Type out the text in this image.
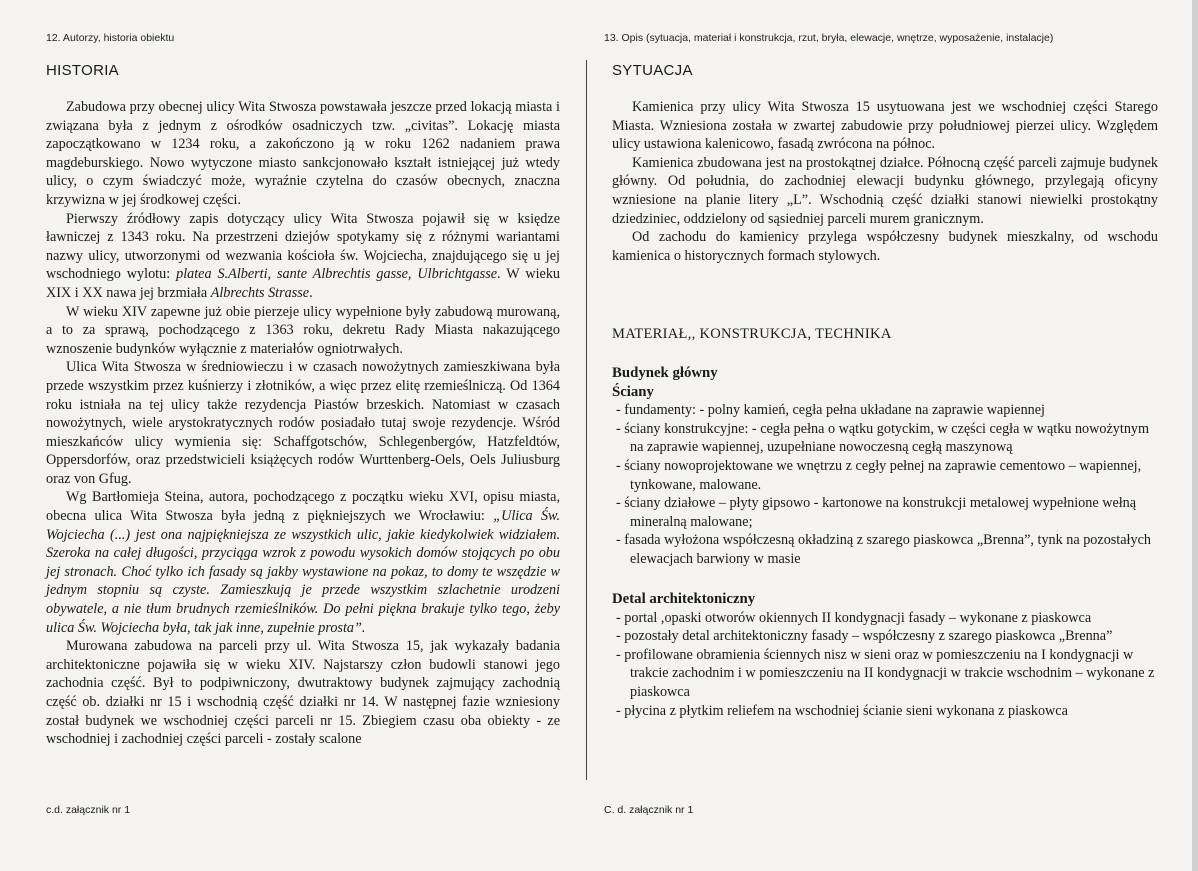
12. Autorzy, historia obiektu
HISTORIA

Zabudowa przy obecnej ulicy Wita Stwosza powstawała jeszcze przed lokacją miasta i związana była z jednym z ośrodków osadniczych tzw. „civitas”. Lokację miasta zapoczątkowano w 1234 roku, a zakończono ją w roku 1262 nadaniem prawa magdeburskiego. Nowo wytyczone miasto sankcjonowało kształt istniejącej już wtedy ulicy, o czym świadczyć może, wyraźnie czytelna do czasów obecnych, znaczna krzywizna w jej środkowej części.

Pierwszy źródłowy zapis dotyczący ulicy Wita Stwosza pojawił się w księdze ławniczej z 1343 roku. Na przestrzeni dziejów spotykamy się z różnymi wariantami nazwy ulicy, utworzonymi od wezwania kościoła św. Wojciecha, znajdującego się u jej wschodniego wylotu: platea S.Alberti, sante Albrechtis gasse, Ulbrichtgasse. W wieku XIX i XX nawa jej brzmiała Albrechts Strasse.

W wieku XIV zapewne już obie pierzeje ulicy wypełnione były zabudową murowaną, a to za sprawą, pochodzącego z 1363 roku, dekretu Rady Miasta nakazującego wznoszenie budynków wyłącznie z materiałów ogniotrwałych.

Ulica Wita Stwosza w średniowieczu i w czasach nowożytnych zamieszkiwana była przede wszystkim przez kuśnierzy i złotników, a więc przez elitę rzemieślniczą. Od 1364 roku istniała na tej ulicy także rezydencja Piastów brzeskich. Natomiast w czasach nowożytnych, wiele arystokratycznych rodów posiadało tutaj swoje rezydencje. Wśród mieszkańców ulicy wymienia się: Schaffgotschów, Schlegenbergów, Hatzfeldtów, Oppersdorfów, oraz przedstwicieli książęcych rodów Wurttenberg-Oels, Oels Juliusburg oraz von Gfug.

Wg Bartłomieja Steina, autora, pochodzącego z początku wieku XVI, opisu miasta, obecna ulica Wita Stwosza była jedną z piękniejszych we Wrocławiu: „Ulica Św. Wojciecha (...) jest ona najpiękniejsza ze wszystkich ulic, jakie kiedykolwiek widziałem. Szeroka na całej długości, przyciąga wzrok z powodu wysokich domów stojących po obu jej stronach. Choć tylko ich fasady są jakby wystawione na pokaz, to domy te wszędzie w jednym stopniu są czyste. Zamieszkują je przede wszystkim szlachetnie urodzeni obywatele, a nie tłum brudnych rzemieślników. Do pełni piękna brakuje tylko tego, żeby ulica Św. Wojciecha była, tak jak inne, zupełnie prosta”.

Murowana zabudowa na parceli przy ul. Wita Stwosza 15, jak wykazały badania architektoniczne pojawiła się w wieku XIV. Najstarszy człon budowli stanowi jego zachodnia część. Był to podpiwniczony, dwutraktowy budynek zajmujący zachodnią część ob. działki nr 15 i wschodnią część działki nr 14. W następnej fazie wzniesiony został budynek we wschodniej części parceli nr 15. Zbiegiem czasu oba obiekty - ze wschodniej i zachodniej części parceli - zostały scalone

c.d. załącznik nr 1
13. Opis (sytuacja, materiał i konstrukcja, rzut, bryła, elewacje, wnętrze, wyposażenie, instalacje)
SYTUACJA

Kamienica przy ulicy Wita Stwosza 15 usytuowana jest we wschodniej części Starego Miasta. Wzniesiona została w zwartej zabudowie przy południowej pierzei ulicy. Względem ulicy ustawiona kalenicowo, fasadą zwrócona na północ.

Kamienica zbudowana jest na prostokątnej działce. Północną część parceli zajmuje budynek główny. Od południa, do zachodniej elewacji budynku głównego, przylegają oficyny wzniesione na planie litery „L”. Wschodnią część działki stanowi niewielki prostokątny dziedziniec, oddzielony od sąsiedniej parceli murem granicznym.

Od zachodu do kamienicy przylega współczesny budynek mieszkalny, od wschodu kamienica o historycznych formach stylowych.

MATERIAŁ,, KONSTRUKCJA, TECHNIKA
Budynek główny
Ściany
- fundamenty: - polny kamień, cegła pełna układane na zaprawie wapiennej
- ściany konstrukcyjne: - cegła pełna o wątku gotyckim, w części cegła w wątku nowożytnym na zaprawie wapiennej, uzupełniane nowoczesną cegłą maszynową
- ściany nowoprojektowane we wnętrzu z cegły pełnej na zaprawie cementowo – wapiennej, tynkowane, malowane.
- ściany działowe – płyty gipsowo - kartonowe na konstrukcji metalowej wypełnione wełną mineralną malowane;
- fasada wyłożona współczesną okładziną z szarego piaskowca „Brenna”, tynk na pozostałych elewacjach barwiony w masie
Detal architektoniczny
- portal ,opaski otworów okiennych II kondygnacji fasady – wykonane z piaskowca
- pozostały detal architektoniczny fasady – współczesny z szarego piaskowca „Brenna”
- profilowane obramienia ściennych nisz w sieni oraz w pomieszczeniu na I kondygnacji w trakcie zachodnim i w pomieszczeniu na II kondygnacji w trakcie wschodnim – wykonane z piaskowca
- płycina z płytkim reliefem na wschodniej ścianie sieni wykonana z piaskowca
C. d. załącznik nr 1
